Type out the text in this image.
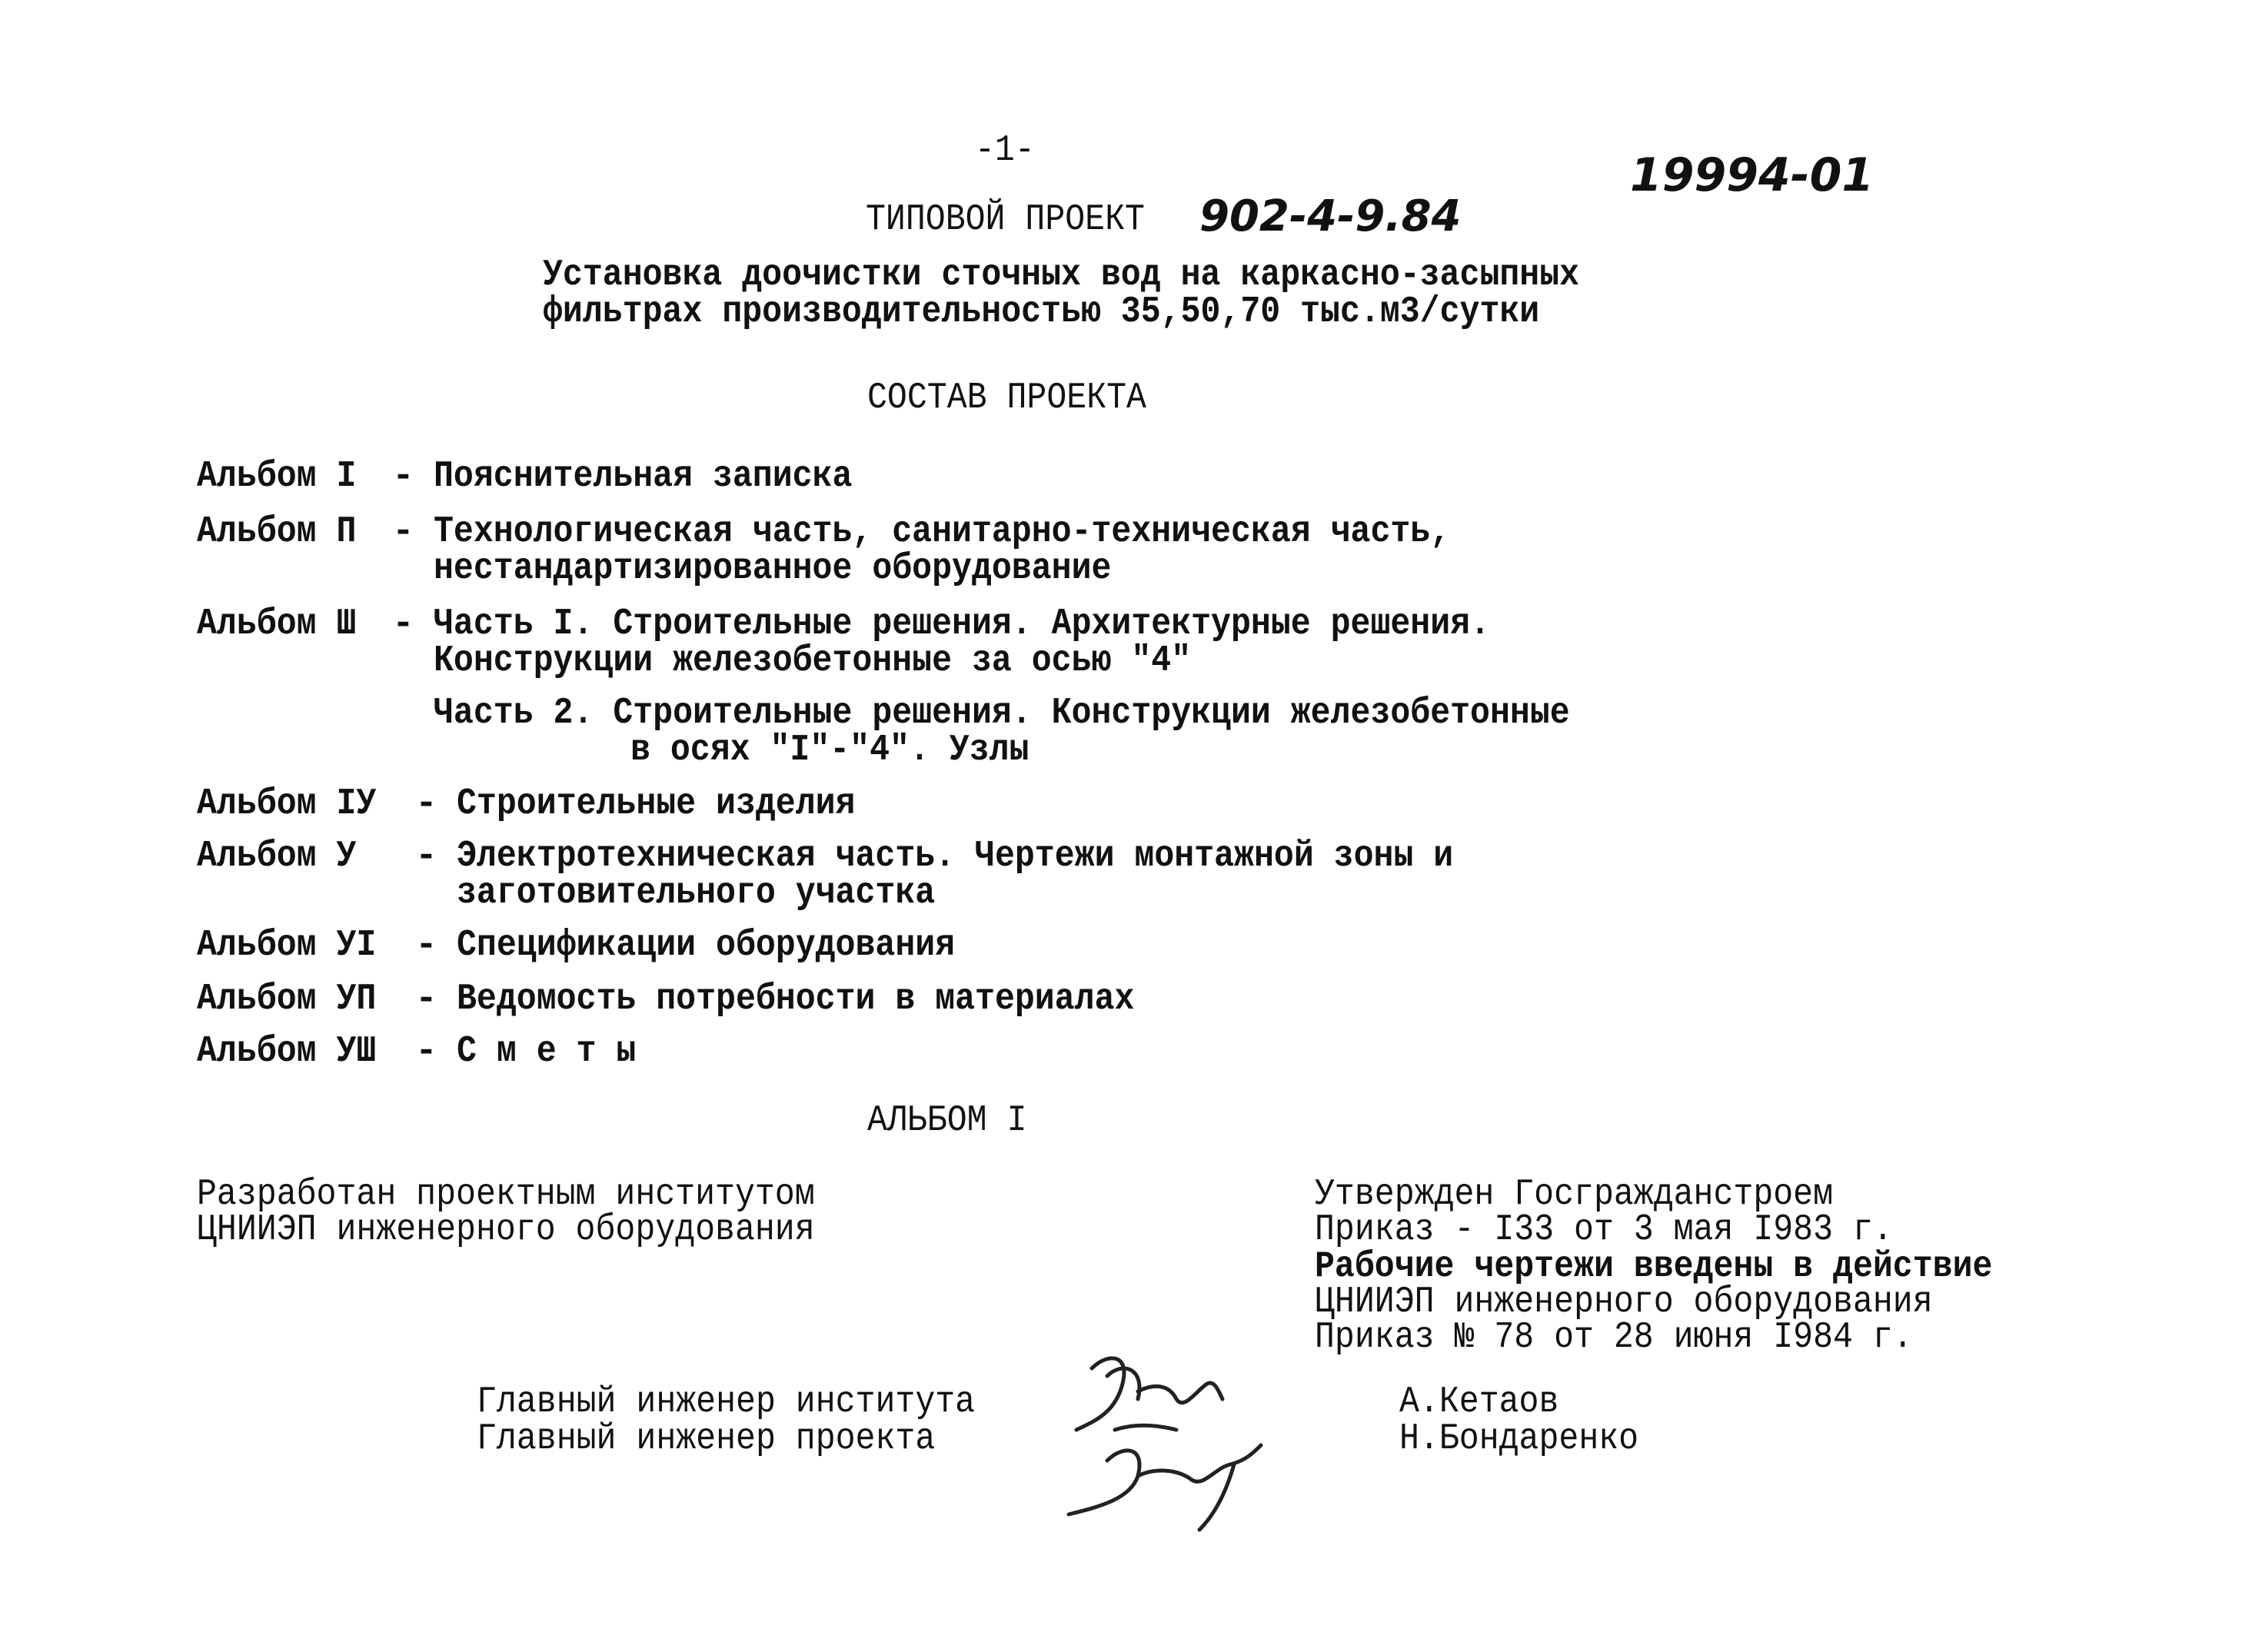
-1-	19994-01
ТИПОВОЙ ПРОЕКТ	902-4-9.84
Установка доочистки сточных вод на каркасно-засыпных
фильтрах производительностью 35,50,70 тыс.м3/сутки
СОСТАВ ПРОЕКТА
Альбом I - Пояснительная записка
Альбом П - Технологическая часть, санитарно-техническая часть,
нестандартизированное оборудование
Альбом Ш - Часть I. Строительные решения. Архитектурные решения.
Конструкции железобетонные за осью "4"
Часть 2. Строительные решения. Конструкции железобетонные
в осях "I"-"4". Узлы
Альбом IУ	- Строительные изделия
Альбом У	- Электротехническая часть. Чертежи монтажной зоны и
заготовительного участка
Альбом УI	- Спецификации оборудования
Альбом УП	- Ведомость потребности в материалах
Альбом УШ	- С м е т ы
АЛЬБОМ I
Разработан проектным институтом
ЦНИИЭП инженерного оборудования
Утвержден Госгражданстроем
Приказ - I33 от 3 мая I983 г.
Рабочие чертежи введены в действие
ЦНИИЭП инженерного оборудования
Приказ № 78 от 28 июня I984 г.
Главный инженер института
Главный инженер проекта
А.Кетаов
Н.Бондаренко
